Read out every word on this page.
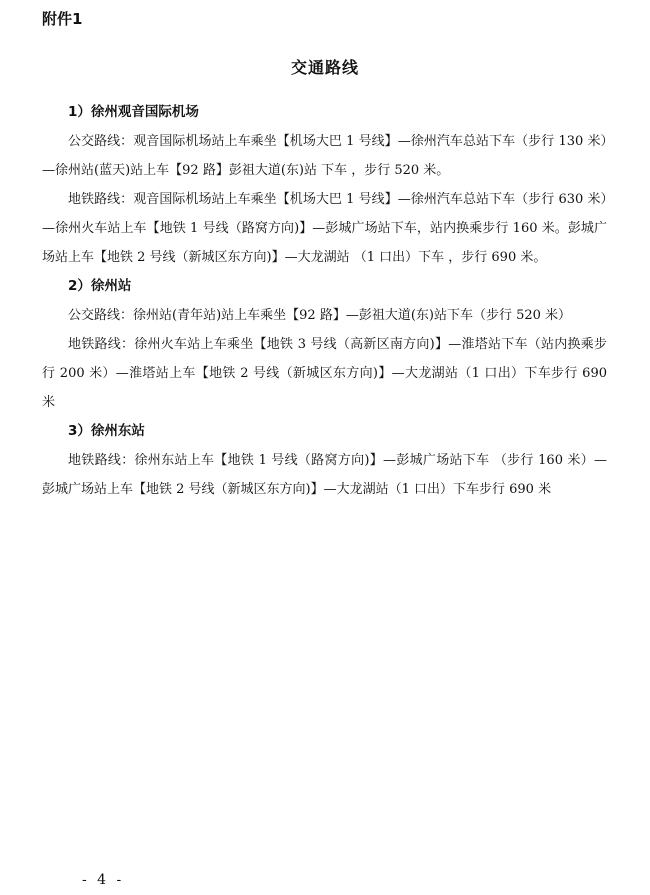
附件1
交通路线

1）徐州观音国际机场

公交路线：观音国际机场站上车乘坐【机场大巴 1 号线】—徐州汽车总站下车（步行 130 米）—徐州站(蓝天)站上车【92 路】彭祖大道(东)站 下车 ，步行 520 米。

地铁路线：观音国际机场站上车乘坐【机场大巴 1 号线】—徐州汽车总站下车（步行 630 米）—徐州火车站上车【地铁 1 号线（路窝方向)】—彭城广场站下车，站内换乘步行 160 米。彭城广场站上车【地铁 2 号线（新城区东方向)】—大龙湖站 （1 口出）下车 ，步行 690 米。

2）徐州站

公交路线：徐州站(青年站)站上车乘坐【92 路】—彭祖大道(东)站下车（步行 520 米）

地铁路线：徐州火车站上车乘坐【地铁 3 号线（高新区南方向)】—淮塔站下车（站内换乘步行 200 米）—淮塔站上车【地铁 2 号线（新城区东方向)】—大龙湖站（1 口出）下车步行 690 米

3）徐州东站

地铁路线：徐州东站上车【地铁 1 号线（路窝方向)】—彭城广场站下车 （步行 160 米）—彭城广场站上车【地铁 2 号线（新城区东方向)】—大龙湖站（1 口出）下车步行 690 米

- 4 -
